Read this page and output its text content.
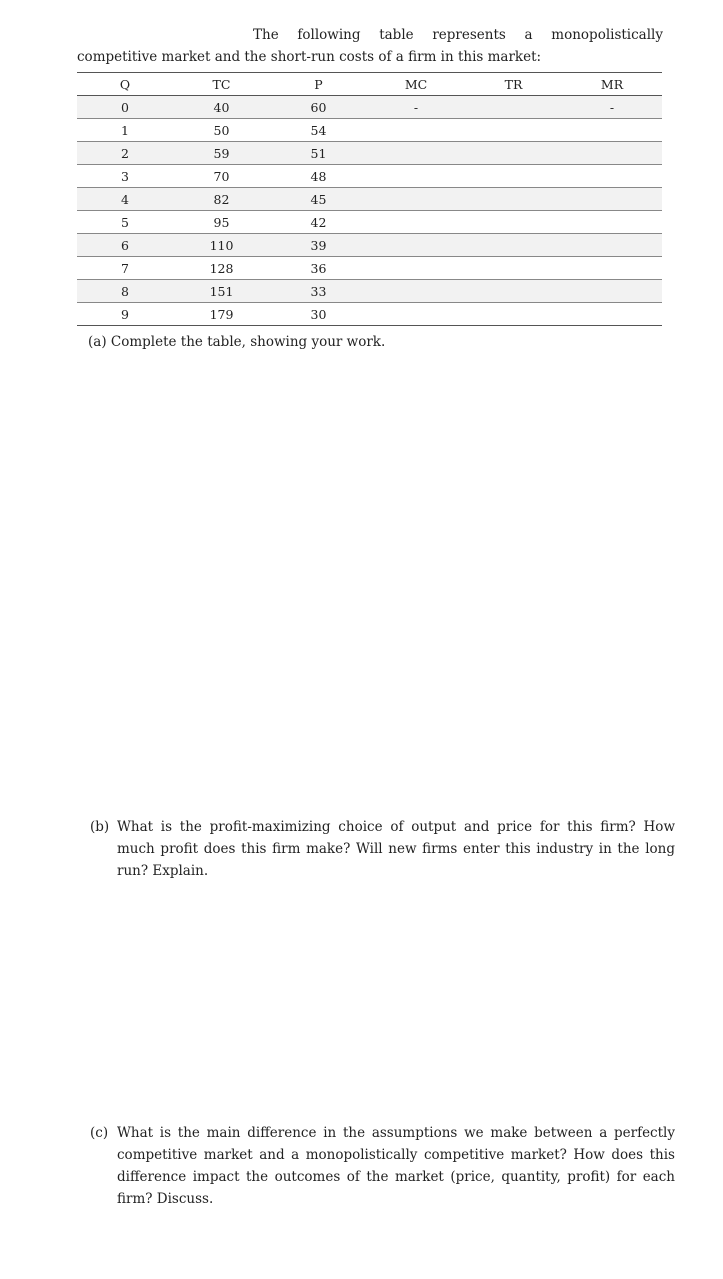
The following table represents a monopolistically competitive market and the short-run costs of a firm in this market:

Q	TC	P	MC	TR	MR
0	40	60	-		-
1	50	54			
2	59	51			
3	70	48			
4	82	45			
5	95	42			
6	110	39			
7	128	36			
8	151	33			
9	179	30			
(a) Complete the table, showing your work.
(b) What is the profit-maximizing choice of output and price for this firm? How much profit does this firm make? Will new firms enter this industry in the long run? Explain.
(c) What is the main difference in the assumptions we make between a perfectly competitive market and a monopolistically competitive market? How does this difference impact the outcomes of the market (price, quantity, profit) for each firm? Discuss.
